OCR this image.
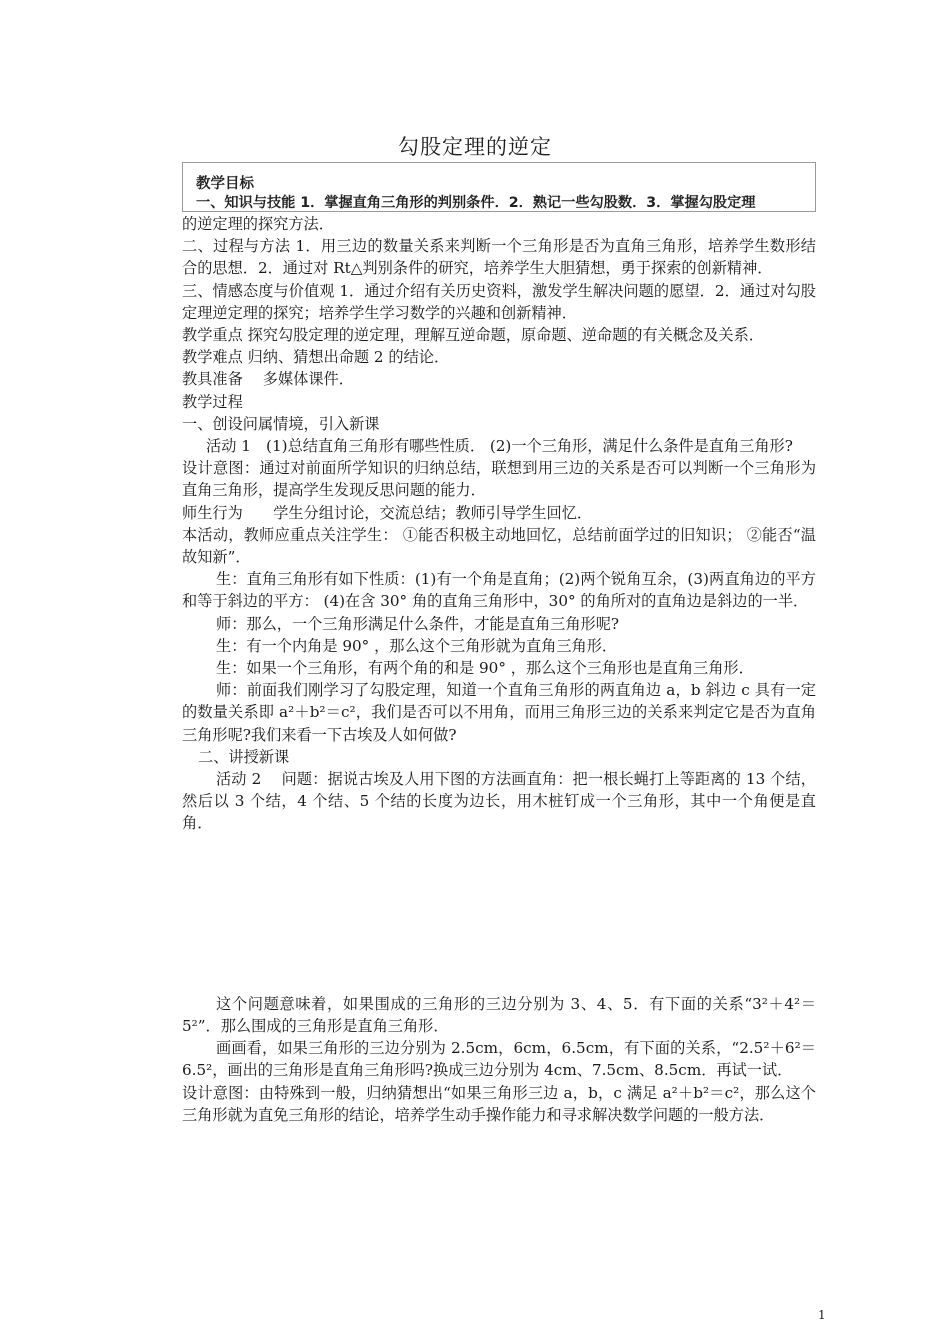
勾股定理的逆定
教学目标
一、知识与技能 1．掌握直角三角形的判别条件．2．熟记一些勾股数．3．掌握勾股定理

的逆定理的探究方法．

二、过程与方法 1．用三边的数量关系来判断一个三角形是否为直角三角形，培养学生数形结合的思想．2．通过对 Rt△判别条件的研究，培养学生大胆猜想，勇于探索的创新精神．

三、情感态度与价值观 1．通过介绍有关历史资料，激发学生解决问题的愿望．2．通过对勾股定理逆定理的探究；培养学生学习数学的兴趣和创新精神．

教学重点 探究勾股定理的逆定理，理解互逆命题，原命题、逆命题的有关概念及关系．

教学难点 归纳、猜想出命题 2 的结论．

教具准备　 多媒体课件．

教学过程

一、创设问属情境，引入新课

活动 1　(1)总结直角三角形有哪些性质． (2)一个三角形，满足什么条件是直角三角形?

设计意图：通过对前面所学知识的归纳总结，联想到用三边的关系是否可以判断一个三角形为直角三角形，提高学生发现反思问题的能力．

师生行为　　学生分组讨论，交流总结；教师引导学生回忆．

本活动，教师应重点关注学生： ①能否积极主动地回忆，总结前面学过的旧知识； ②能否“温故知新”．

生：直角三角形有如下性质：(1)有一个角是直角；(2)两个锐角互余，(3)两直角边的平方和等于斜边的平方： (4)在含 30° 角的直角三角形中，30° 的角所对的直角边是斜边的一半．

师：那么，一个三角形满足什么条件，才能是直角三角形呢?

生：有一个内角是 90° ，那么这个三角形就为直角三角形．

生：如果一个三角形，有两个角的和是 90° ，那么这个三角形也是直角三角形．

师：前面我们刚学习了勾股定理，知道一个直角三角形的两直角边 a，b 斜边 c 具有一定的数量关系即 a²＋b²＝c²，我们是否可以不用角，而用三角形三边的关系来判定它是否为直角三角形呢?我们来看一下古埃及人如何做?

二、讲授新课

活动 2　 问题：据说古埃及人用下图的方法画直角：把一根长蝇打上等距离的 13 个结，然后以 3 个结，4 个结、5 个结的长度为边长，用木桩钉成一个三角形，其中一个角便是直角．

这个问题意味着，如果围成的三角形的三边分别为 3、4、5．有下面的关系“3²＋4²＝5²”．那么围成的三角形是直角三角形．

画画看，如果三角形的三边分别为 2.5cm，6cm，6.5cm，有下面的关系，“2.5²＋6²＝6.5²，画出的三角形是直角三角形吗?换成三边分别为 4cm、7.5cm、8.5cm．再试一试．

设计意图：由特殊到一般，归纳猜想出“如果三角形三边 a，b，c 满足 a²＋b²＝c²，那么这个三角形就为直免三角形的结论，培养学生动手操作能力和寻求解决数学问题的一般方法．

1
